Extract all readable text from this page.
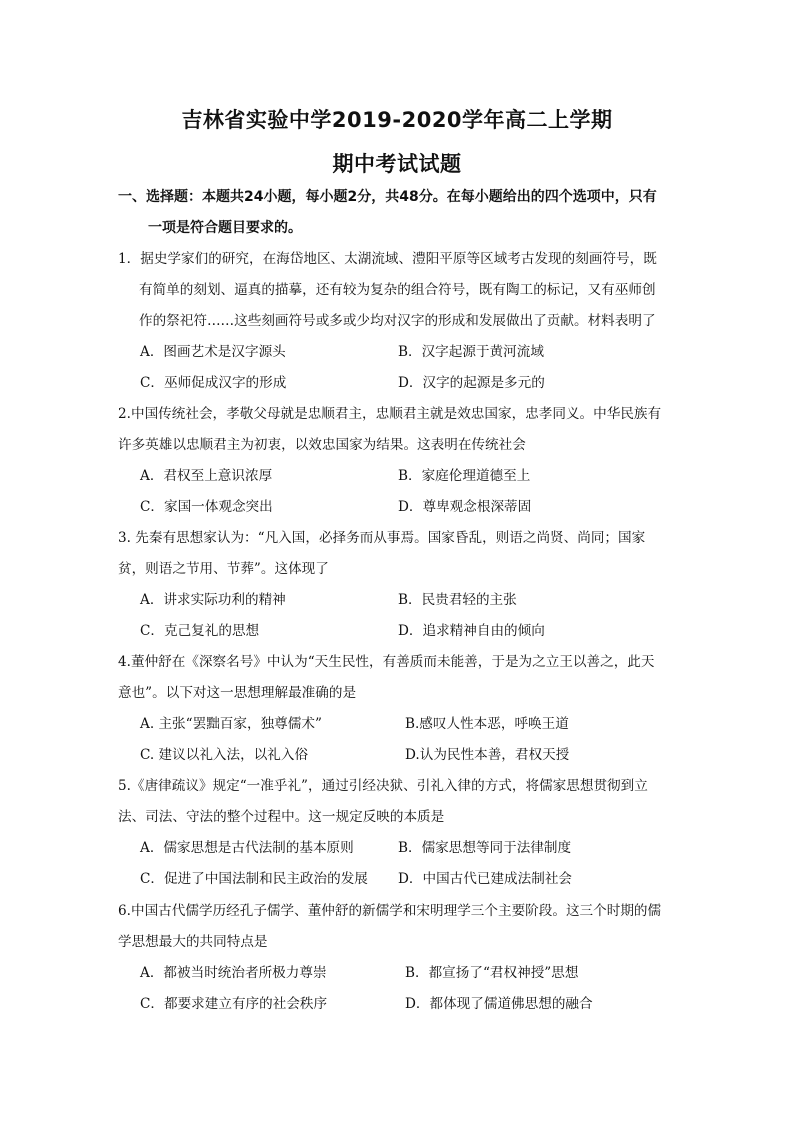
吉林省实验中学2019-2020学年高二上学期
期中考试试题
一、选择题：本题共24小题，每小题2分，共48分。在每小题给出的四个选项中，只有
一项是符合题目要求的。
1．据史学家们的研究，在海岱地区、太湖流域、澧阳平原等区域考古发现的刻画符号，既
有简单的刻划、逼真的描摹，还有较为复杂的组合符号，既有陶工的标记，又有巫师创
作的祭祀符……这些刻画符号或多或少均对汉字的形成和发展做出了贡献。材料表明了
A．图画艺术是汉字源头	B．汉字起源于黄河流域
C．巫师促成汉字的形成	D．汉字的起源是多元的
2.中国传统社会，孝敬父母就是忠顺君主，忠顺君主就是效忠国家，忠孝同义。中华民族有
许多英雄以忠顺君主为初衷，以效忠国家为结果。这表明在传统社会
A．君权至上意识浓厚	B．家庭伦理道德至上
C．家国一体观念突出	D．尊卑观念根深蒂固
3. 先秦有思想家认为：“凡入国，必择务而从事焉。国家昏乱，则语之尚贤、尚同；国家
贫，则语之节用、节葬”。这体现了
A．讲求实际功利的精神	B．民贵君轻的主张
C．克己复礼的思想	D．追求精神自由的倾向
4.董仲舒在《深察名号》中认为“天生民性，有善质而未能善，于是为之立王以善之，此天
意也”。以下对这一思想理解最准确的是
A. 主张“罢黜百家，独尊儒术”	B.感叹人性本恶，呼唤王道
C. 建议以礼入法，以礼入俗	D.认为民性本善，君权天授
5.《唐律疏议》规定“一准乎礼”，通过引经决狱、引礼入律的方式，将儒家思想贯彻到立
法、司法、守法的整个过程中。这一规定反映的本质是
A．儒家思想是古代法制的基本原则	B．儒家思想等同于法律制度
C．促进了中国法制和民主政治的发展 D．中国古代已建成法制社会
6.中国古代儒学历经孔子儒学、董仲舒的新儒学和宋明理学三个主要阶段。这三个时期的儒
学思想最大的共同特点是
A．都被当时统治者所极力尊崇	B．都宣扬了“君权神授”思想
C．都要求建立有序的社会秩序	D．都体现了儒道佛思想的融合
